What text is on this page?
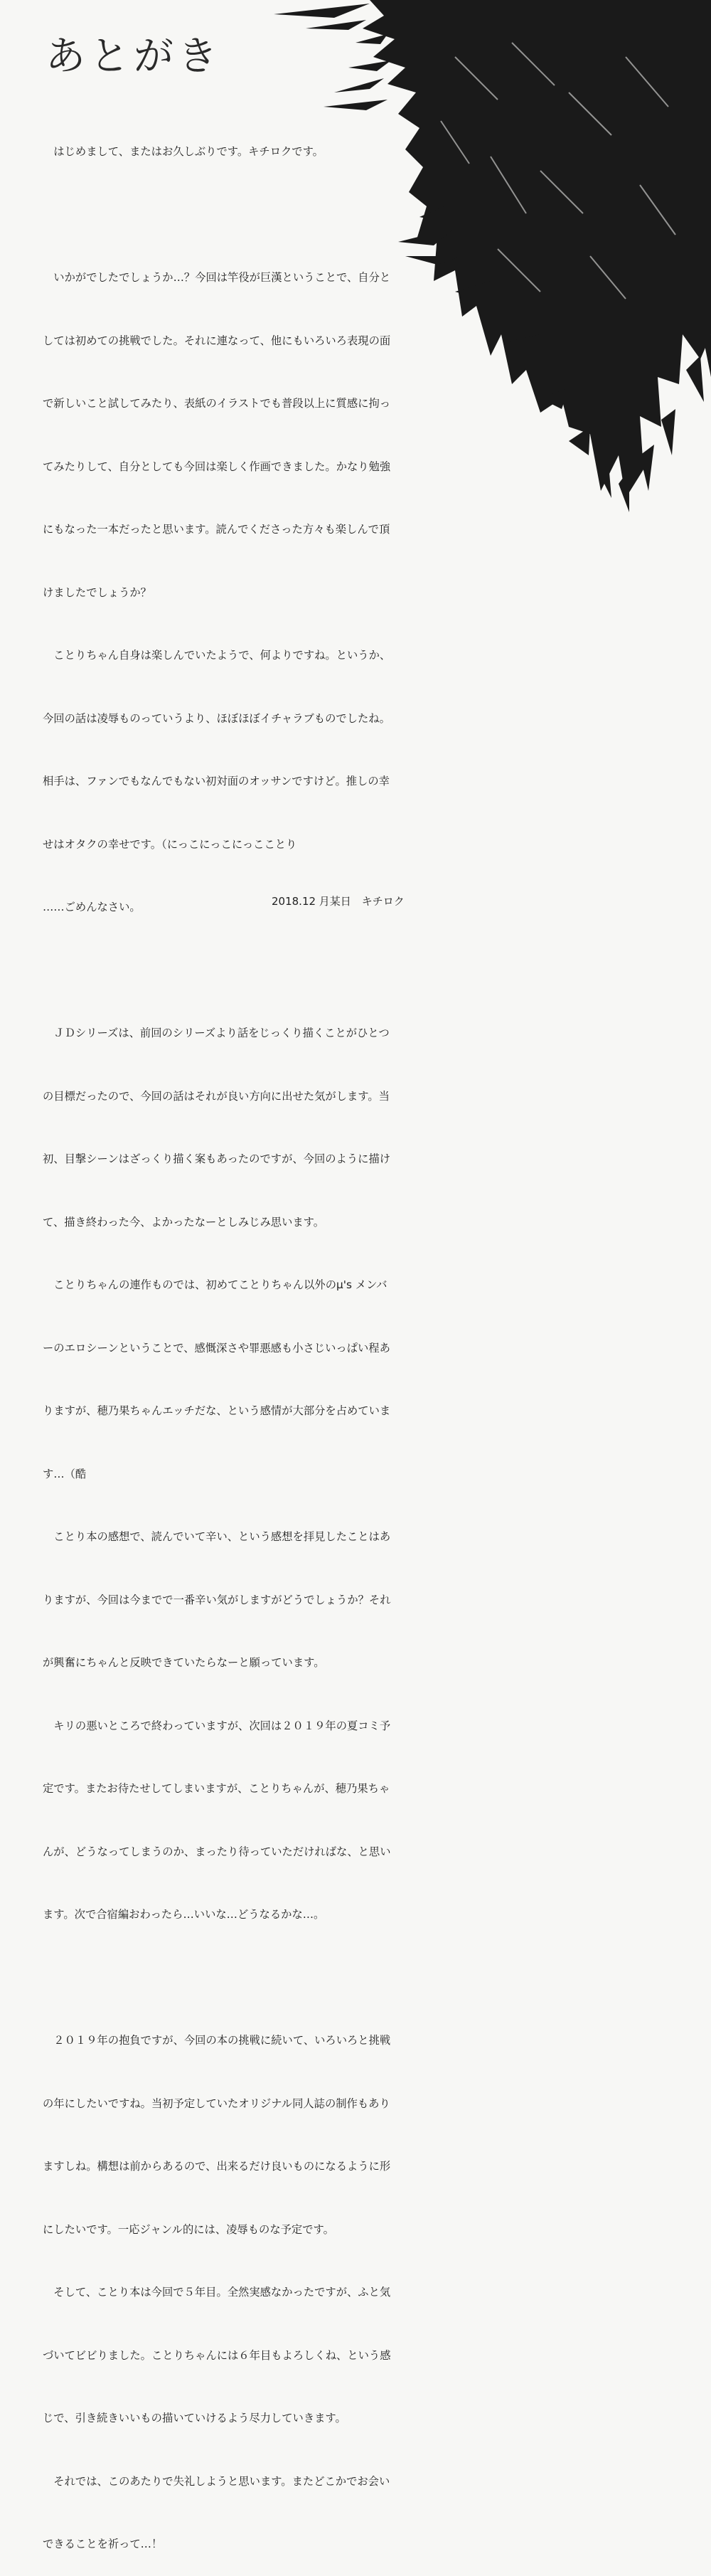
あとがき

　はじめまして、またはお久しぶりです。キチロクです。

　いかがでしたでしょうか…？今回は竿役が巨漢ということで、自分と

しては初めての挑戦でした。それに連なって、他にもいろいろ表現の面

で新しいこと試してみたり、表紙のイラストでも普段以上に質感に拘っ

てみたりして、自分としても今回は楽しく作画できました。かなり勉強

にもなった一本だったと思います。読んでくださった方々も楽しんで頂

けましたでしょうか？

　ことりちゃん自身は楽しんでいたようで、何よりですね。というか、

今回の話は凌辱ものっていうより、ほぼほぼイチャラブものでしたね。

相手は、ファンでもなんでもない初対面のオッサンですけど。推しの幸

せはオタクの幸せです。（にっこにっこにっこことり

……ごめんなさい。

　ＪＤシリーズは、前回のシリーズより話をじっくり描くことがひとつ

の目標だったので、今回の話はそれが良い方向に出せた気がします。当

初、目撃シーンはざっくり描く案もあったのですが、今回のように描け

て、描き終わった今、よかったなーとしみじみ思います。

　ことりちゃんの連作ものでは、初めてことりちゃん以外のμ's メンバ

ーのエロシーンということで、感慨深さや罪悪感も小さじいっぱい程あ

りますが、穂乃果ちゃんエッチだな、という感情が大部分を占めていま

す…（酷

　ことり本の感想で、読んでいて辛い、という感想を拝見したことはあ

りますが、今回は今までで一番辛い気がしますがどうでしょうか？それ

が興奮にちゃんと反映できていたらなーと願っています。

　キリの悪いところで終わっていますが、次回は２０１９年の夏コミ予

定です。またお待たせしてしまいますが、ことりちゃんが、穂乃果ちゃ

んが、どうなってしまうのか、まったり待っていただければな、と思い

ます。次で合宿編おわったら…いいな…どうなるかな…。

　２０１９年の抱負ですが、今回の本の挑戦に続いて、いろいろと挑戦

の年にしたいですね。当初予定していたオリジナル同人誌の制作もあり

ますしね。構想は前からあるので、出来るだけ良いものになるように形

にしたいです。一応ジャンル的には、凌辱ものな予定です。

　そして、ことり本は今回で５年目。全然実感なかったですが、ふと気

づいてビビりました。ことりちゃんには６年目もよろしくね、という感

じで、引き続きいいもの描いていけるよう尽力していきます。

　それでは、このあたりで失礼しようと思います。またどこかでお会い

できることを祈って…！

2018.12 月某日　キチロク
